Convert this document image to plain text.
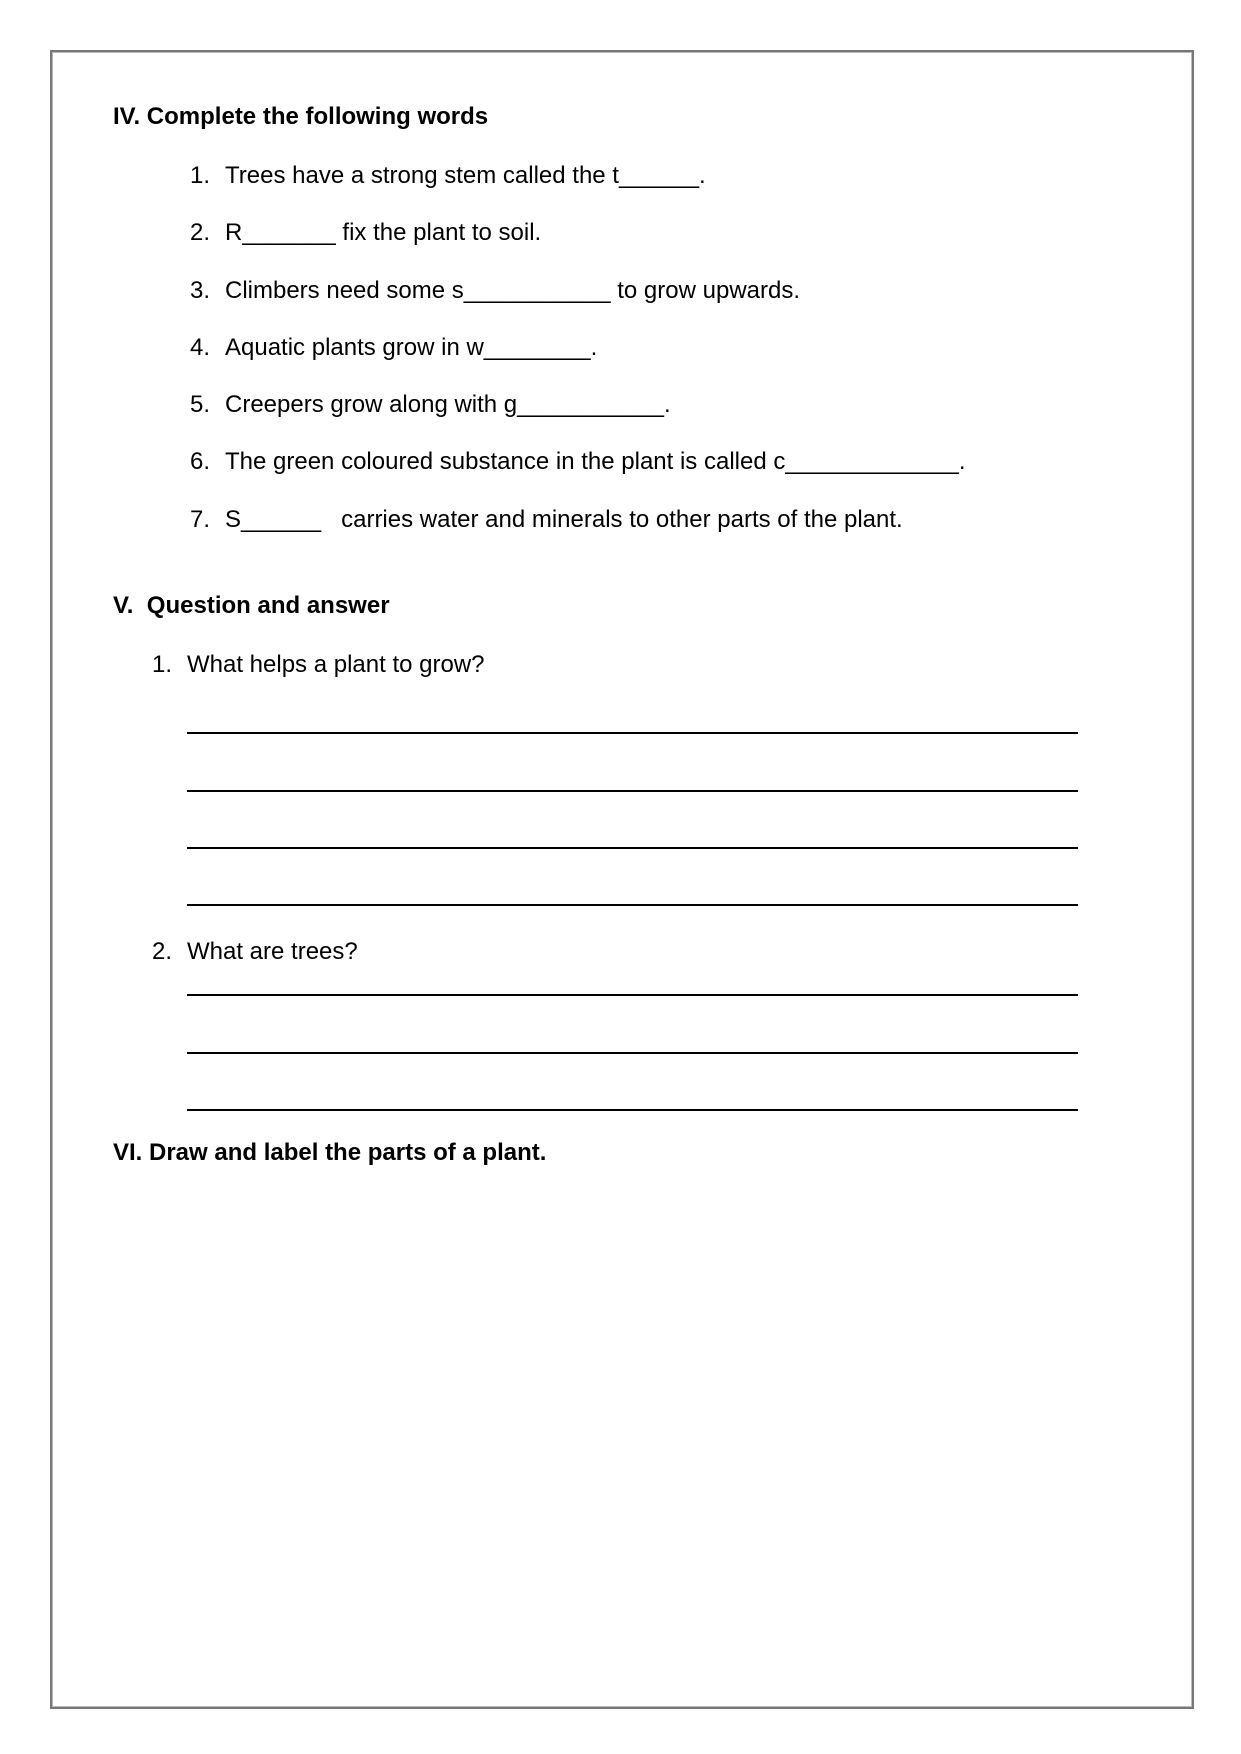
IV. Complete the following words
1. Trees have a strong stem called the t______.
2. R_______ fix the plant to soil.
3. Climbers need some s___________ to grow upwards.
4. Aquatic plants grow in w________.
5. Creepers grow along with g___________.
6. The green coloured substance in the plant is called c_____________.
7. S______   carries water and minerals to other parts of the plant.
V.  Question and answer
1. What helps a plant to grow?
2. What are trees?
VI. Draw and label the parts of a plant.
